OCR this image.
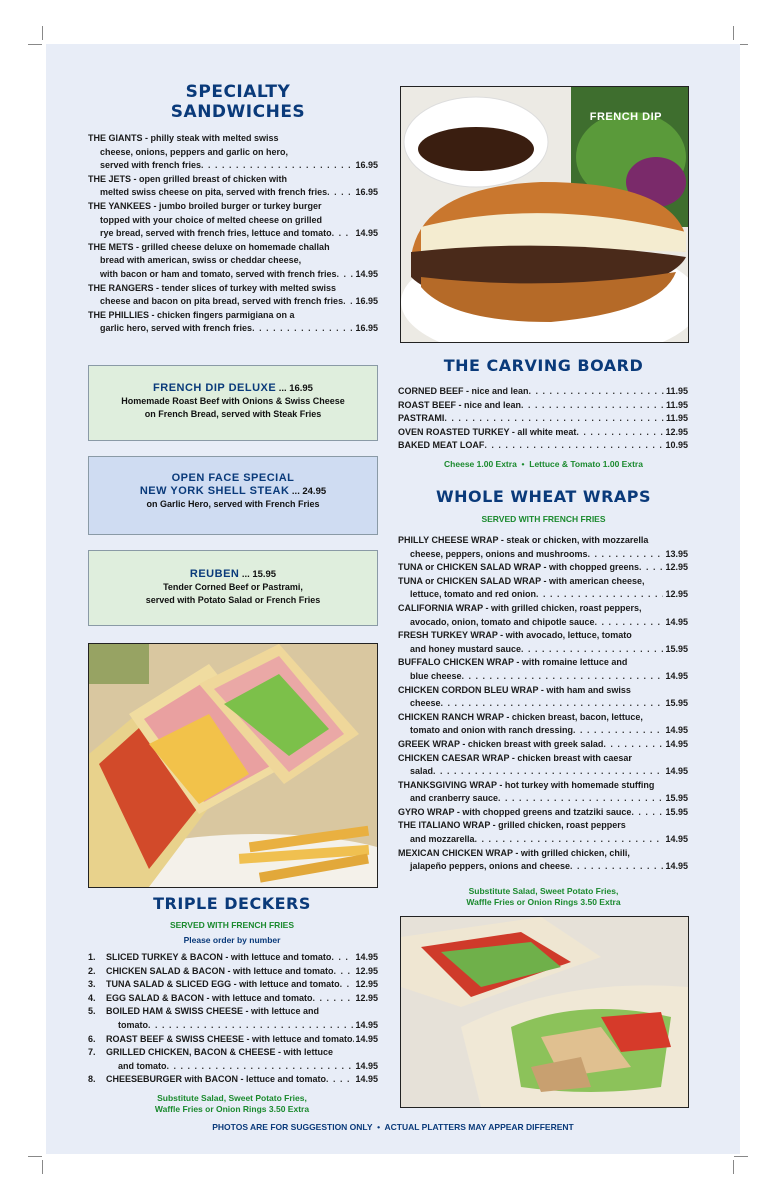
SPECIALTY
SANDWICHES
THE GIANTS - philly steak with melted swiss
cheese, onions, peppers and garlic on hero,
served with french fries . . .	16.95
THE JETS - open grilled breast of chicken with
melted swiss cheese on pita, served with french fries . . .	16.95
THE YANKEES - jumbo broiled burger or turkey burger
topped with your choice of melted cheese on grilled
rye bread, served with french fries, lettuce and tomato . . .	14.95
THE METS - grilled cheese deluxe on homemade challah
bread with american, swiss or cheddar cheese,
with bacon or ham and tomato, served with french fries . . . 14.95
THE RANGERS - tender slices of turkey with melted swiss
cheese and bacon on pita bread, served with french fries . . . 16.95
THE PHILLIES - chicken fingers parmigiana on a
garlic hero, served with french fries . . .	16.95
FRENCH DIP DELUXE ... 16.95
Homemade Roast Beef with Onions & Swiss Cheese
on French Bread, served with Steak Fries
OPEN FACE SPECIAL
NEW YORK SHELL STEAK ... 24.95
on Garlic Hero, served with French Fries
REUBEN ... 15.95
Tender Corned Beef or Pastrami,
served with Potato Salad or French Fries
TRIPLE DECKERS
SERVED WITH FRENCH FRIES
Please order by number
1. SLICED TURKEY & BACON - with lettuce and tomato . . .	14.95
2. CHICKEN SALAD & BACON - with lettuce and tomato . . . 12.95
3. TUNA SALAD & SLICED EGG - with lettuce and tomato . . . 12.95
4. EGG SALAD & BACON - with lettuce and tomato . . .	12.95
5. BOILED HAM & SWISS CHEESE - with lettuce and
tomato . . .	14.95
6. ROAST BEEF & SWISS CHEESE - with lettuce and tomato . . . 14.95
7. GRILLED CHICKEN, BACON & CHEESE - with lettuce
and tomato . . .	14.95
8. CHEESEBURGER with BACON - lettuce and tomato . . .	14.95
Substitute Salad, Sweet Potato Fries,
Waffle Fries or Onion Rings 3.50 Extra
FRENCH DIP
THE CARVING BOARD
CORNED BEEF - nice and lean . . .	11.95
ROAST BEEF - nice and lean . . .	11.95
PASTRAMI . . .	11.95
OVEN ROASTED TURKEY - all white meat . . .	12.95
BAKED MEAT LOAF . . .	10.95
Cheese 1.00 Extra • Lettuce & Tomato 1.00 Extra
WHOLE WHEAT WRAPS
SERVED WITH FRENCH FRIES
PHILLY CHEESE WRAP - steak or chicken, with mozzarella
cheese, peppers, onions and mushrooms . . .	13.95
TUNA or CHICKEN SALAD WRAP - with chopped greens . . .	12.95
TUNA or CHICKEN SALAD WRAP - with american cheese,
lettuce, tomato and red onion . . .	12.95
CALIFORNIA WRAP - with grilled chicken, roast peppers,
avocado, onion, tomato and chipotle sauce . . .	14.95
FRESH TURKEY WRAP - with avocado, lettuce, tomato
and honey mustard sauce . . .	15.95
BUFFALO CHICKEN WRAP - with romaine lettuce and
blue cheese . . .	14.95
CHICKEN CORDON BLEU WRAP - with ham and swiss
cheese . . .	15.95
CHICKEN RANCH WRAP - chicken breast, bacon, lettuce,
tomato and onion with ranch dressing . . .	14.95
GREEK WRAP - chicken breast with greek salad . . .	14.95
CHICKEN CAESAR WRAP - chicken breast with caesar
salad . . .	14.95
THANKSGIVING WRAP - hot turkey with homemade stuffing
and cranberry sauce . . .	15.95
GYRO WRAP - with chopped greens and tzatziki sauce . . .	15.95
THE ITALIANO WRAP - grilled chicken, roast peppers
and mozzarella . . .	14.95
MEXICAN CHICKEN WRAP - with grilled chicken, chili,
jalapeño peppers, onions and cheese . . .	14.95
Substitute Salad, Sweet Potato Fries,
Waffle Fries or Onion Rings 3.50 Extra
PHOTOS ARE FOR SUGGESTION ONLY • ACTUAL PLATTERS MAY APPEAR DIFFERENT
